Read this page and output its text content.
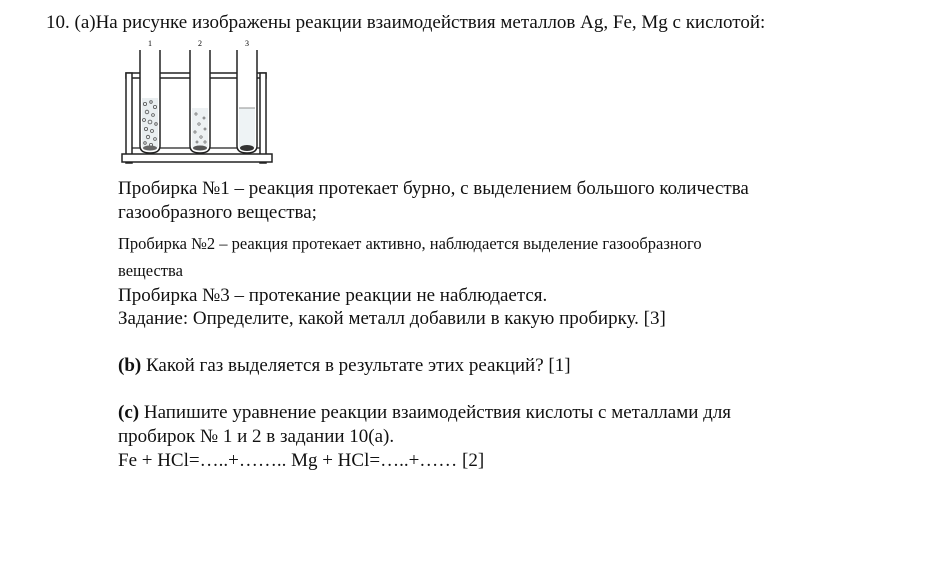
10. (a)На рисунке изображены реакции взаимодействия металлов Ag, Fe, Mg с кислотой:
1	2	3
Пробирка №1 – реакция протекает бурно, с выделением большого количества
газообразного вещества;
Пробирка №2 – реакция протекает активно, наблюдается выделение газообразного
вещества
Пробирка №3 – протекание реакции не наблюдается.
Задание: Определите, какой металл добавили в какую пробирку. [3]
(b) Какой газ выделяется в результате этих реакций? [1]
(c) Напишите уравнение реакции взаимодействия кислоты с металлами для
пробирок № 1 и 2 в задании 10(а).
Fe + HCl=…..+…….. Mg + HCl=…..+…… [2]
